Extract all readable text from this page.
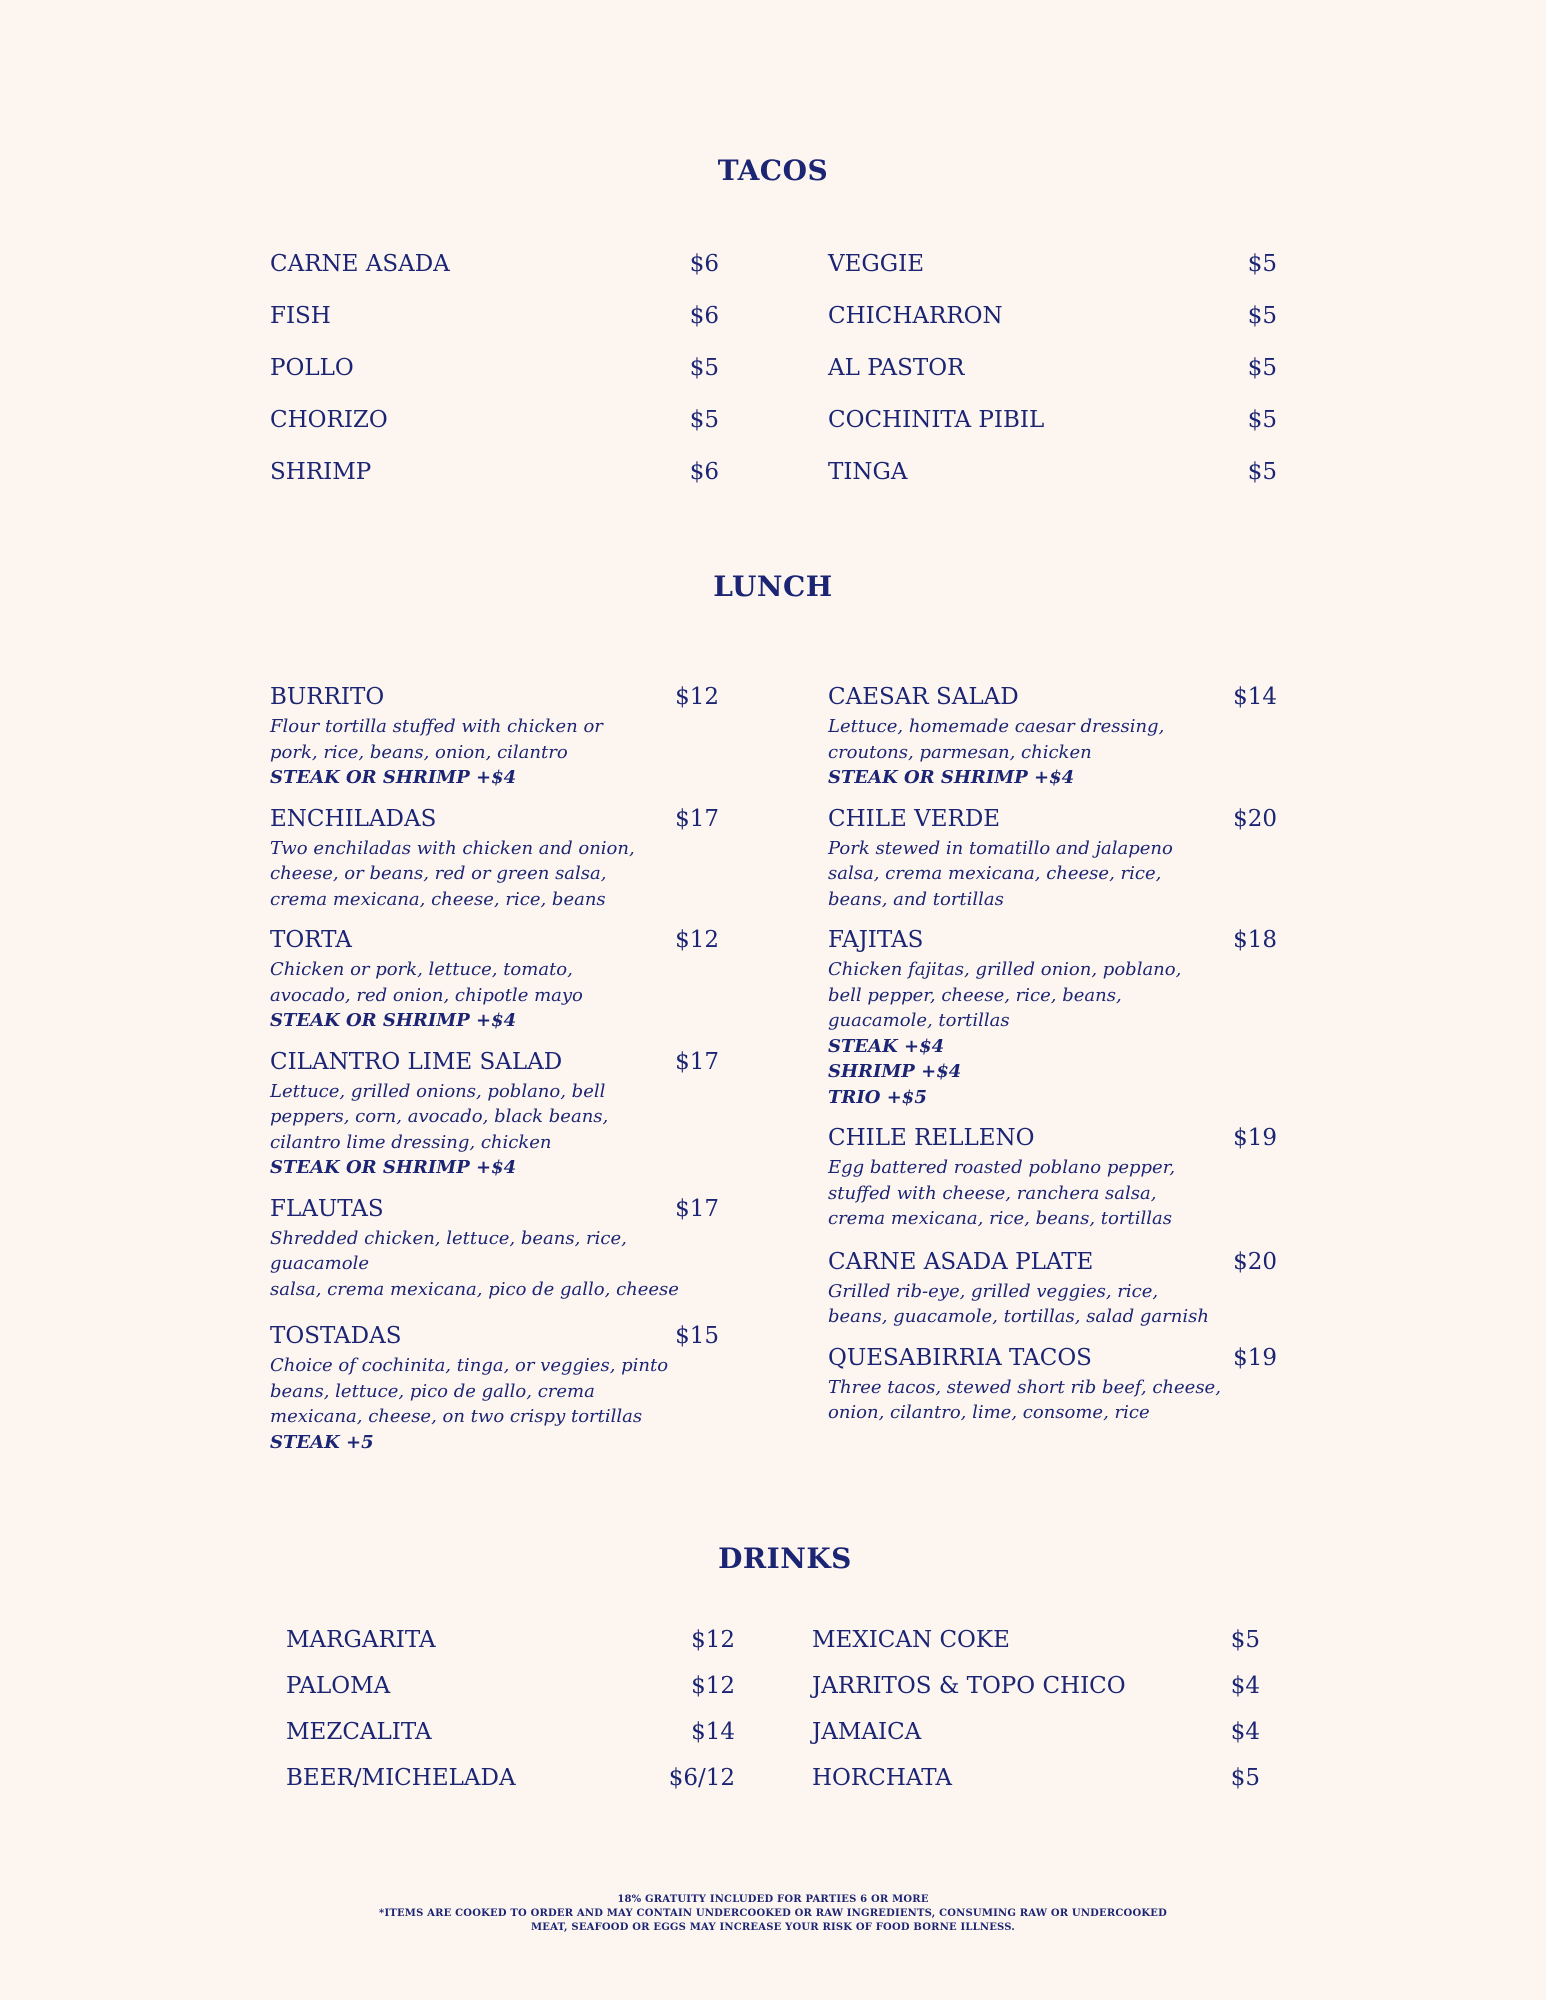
TACOS
CARNE ASADA	$6
FISH	$6
POLLO	$5
CHORIZO	$5
SHRIMP	$6
VEGGIE	$5
CHICHARRON	$5
AL PASTOR	$5
COCHINITA PIBIL	$5
TINGA	$5
LUNCH
BURRITO	$12
Flour tortilla stuffed with chicken or
pork, rice, beans, onion, cilantro
STEAK OR SHRIMP +$4
ENCHILADAS	$17
Two enchiladas with chicken and onion,
cheese, or beans, red or green salsa,
crema mexicana, cheese, rice, beans
TORTA	$12
Chicken or pork, lettuce, tomato,
avocado, red onion, chipotle mayo
STEAK OR SHRIMP +$4
CILANTRO LIME SALAD	$17
Lettuce, grilled onions, poblano, bell
peppers, corn, avocado, black beans,
cilantro lime dressing, chicken
STEAK OR SHRIMP +$4
FLAUTAS	$17
Shredded chicken, lettuce, beans, rice, guacamole
salsa, crema mexicana, pico de gallo, cheese
TOSTADAS	$15
Choice of cochinita, tinga, or veggies, pinto
beans, lettuce, pico de gallo, crema
mexicana, cheese, on two crispy tortillas
STEAK +5
CAESAR SALAD	$14
Lettuce, homemade caesar dressing,
croutons, parmesan, chicken
STEAK OR SHRIMP +$4
CHILE VERDE	$20
Pork stewed in tomatillo and jalapeno
salsa, crema mexicana, cheese, rice,
beans, and tortillas
FAJITAS	$18
Chicken fajitas, grilled onion, poblano,
bell pepper, cheese, rice, beans,
guacamole, tortillas
STEAK +$4
SHRIMP +$4
TRIO +$5
CHILE RELLENO	$19
Egg battered roasted poblano pepper,
stuffed with cheese, ranchera salsa,
crema mexicana, rice, beans, tortillas
CARNE ASADA PLATE	$20
Grilled rib-eye, grilled veggies, rice,
beans, guacamole, tortillas, salad garnish
QUESABIRRIA TACOS	$19
Three tacos, stewed short rib beef, cheese,
onion, cilantro, lime, consome, rice
DRINKS
MARGARITA	$12
PALOMA	$12
MEZCALITA	$14
BEER/MICHELADA	$6/12
MEXICAN COKE	$5
JARRITOS & TOPO CHICO	$4
JAMAICA	$4
HORCHATA	$5
18% GRATUITY INCLUDED FOR PARTIES 6 OR MORE
*ITEMS ARE COOKED TO ORDER AND MAY CONTAIN UNDERCOOKED OR RAW INGREDIENTS, CONSUMING RAW OR UNDERCOOKED
MEAT, SEAFOOD OR EGGS MAY INCREASE YOUR RISK OF FOOD BORNE ILLNESS.
